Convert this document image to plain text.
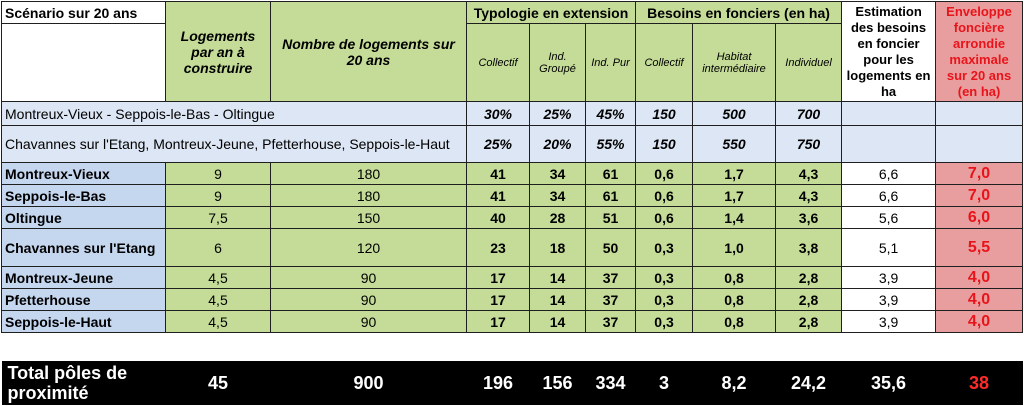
Scénario sur 20 ans	Logements par an à construire	Nombre de logements sur 20 ans	Typologie en extension			Besoins en fonciers (en ha)			Estimation des besoins en foncier pour les logements en ha	Enveloppe foncière arrondie maximale sur 20 ans (en ha)
			Collectif	Ind. Groupé	Ind. Pur	Collectif	Habitat intermédiaire	Individuel		
Montreux-Vieux - Seppois-le-Bas - Oltingue			30%	25%	45%	150	500	700		
Chavannes sur l'Etang, Montreux-Jeune, Pfetterhouse, Seppois-le-Haut			25%	20%	55%	150	550	750		
Montreux-Vieux	9	180	41	34	61	0,6	1,7	4,3	6,6	7,0
Seppois-le-Bas	9	180	41	34	61	0,6	1,7	4,3	6,6	7,0
Oltingue	7,5	150	40	28	51	0,6	1,4	3,6	5,6	6,0
Chavannes sur l'Etang	6	120	23	18	50	0,3	1,0	3,8	5,1	5,5
Montreux-Jeune	4,5	90	17	14	37	0,3	0,8	2,8	3,9	4,0
Pfetterhouse	4,5	90	17	14	37	0,3	0,8	2,8	3,9	4,0
Seppois-le-Haut	4,5	90	17	14	37	0,3	0,8	2,8	3,9	4,0

Total pôles de proximité	45	900	196	156	334	3	8,2	24,2	35,6	38
